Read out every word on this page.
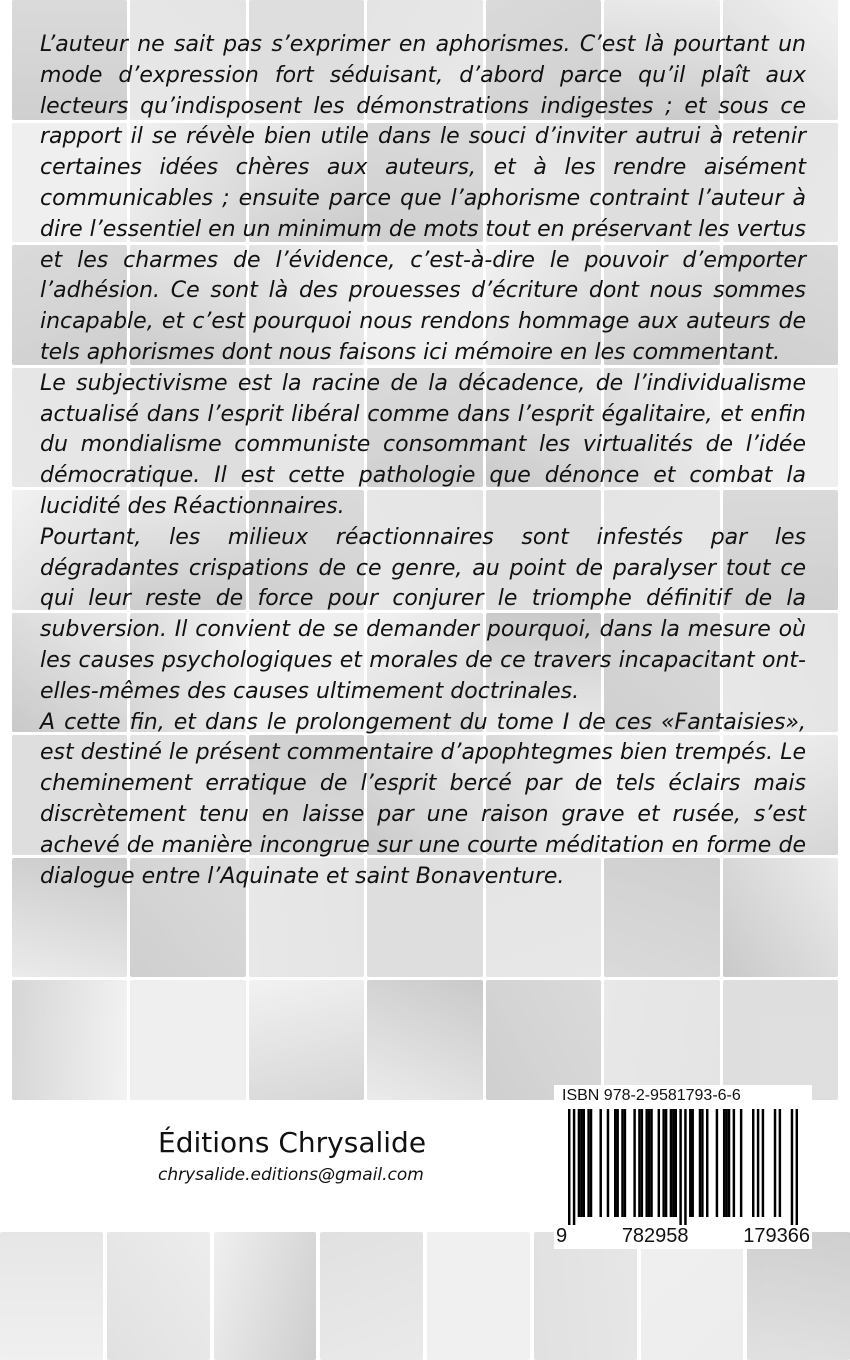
L’auteur ne sait pas s’exprimer en aphorismes. C’est là pourtant un mode d’expression fort séduisant, d’abord parce qu’il plaît aux lecteurs qu’indisposent les démonstrations indigestes ; et sous ce rapport il se révèle bien utile dans le souci d’inviter autrui à retenir certaines idées chères aux auteurs, et à les rendre aisément communicables ; ensuite parce que l’aphorisme contraint l’auteur à dire l’essentiel en un minimum de mots tout en préservant les vertus et les charmes de l’évidence, c’est-à-dire le pouvoir d’emporter l’adhésion. Ce sont là des prouesses d’écriture dont nous sommes incapable, et c’est pourquoi nous rendons hommage aux auteurs de tels aphorismes dont nous faisons ici mémoire en les commentant.

Le subjectivisme est la racine de la décadence, de l’individualisme actualisé dans l’esprit libéral comme dans l’esprit égalitaire, et enfin du mondialisme communiste consommant les virtualités de l’idée démocratique. Il est cette pathologie que dénonce et combat la lucidité des Réactionnaires.

Pourtant, les milieux réactionnaires sont infestés par les dégradantes crispations de ce genre, au point de paralyser tout ce qui leur reste de force pour conjurer le triomphe définitif de la subversion. Il convient de se demander pourquoi, dans la mesure où les causes psychologiques et morales de ce travers incapacitant ont-elles-mêmes des causes ultimement doctrinales.

A cette fin, et dans le prolongement du tome I de ces «Fantaisies», est destiné le présent commentaire d’apophtegmes bien trempés. Le cheminement erratique de l’esprit bercé par de tels éclairs mais discrètement tenu en laisse par une raison grave et rusée, s’est achevé de manière incongrue sur une courte méditation en forme de dialogue entre l’Aquinate et saint Bonaventure.

Éditions Chrysalide
chrysalide.editions@gmail.com
ISBN 978-2-9581793-6-6
9	782958	179366
